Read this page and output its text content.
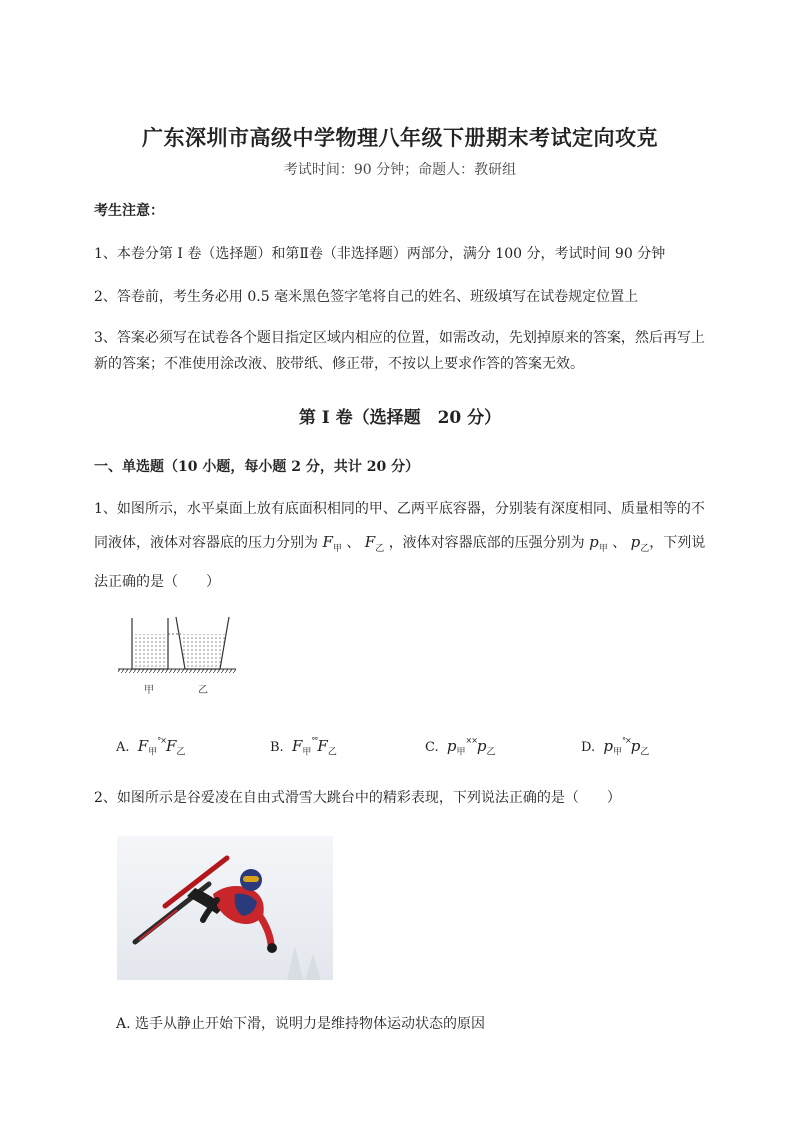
广东深圳市高级中学物理八年级下册期末考试定向攻克
考试时间：90 分钟；命题人：教研组
考生注意：
1、本卷分第 I 卷（选择题）和第Ⅱ卷（非选择题）两部分，满分 100 分，考试时间 90 分钟
2、答卷前，考生务必用 0.5 毫米黑色签字笔将自己的姓名、班级填写在试卷规定位置上
3、答案必须写在试卷各个题目指定区域内相应的位置，如需改动，先划掉原来的答案，然后再写上新的答案；不准使用涂改液、胶带纸、修正带，不按以上要求作答的答案无效。
第 I 卷（选择题　20 分）
一、单选题（10 小题，每小题 2 分，共计 20 分）
1、如图所示，水平桌面上放有底面积相同的甲、乙两平底容器，分别装有深度相同、质量相等的不同液体，液体对容器底的压力分别为 $F_甲$ 、 $F_乙$ ，液体对容器底部的压强分别为 $p_甲$ 、 $p_乙$，下列说法正确的是（　　）
甲	乙
A. $F_甲^{^\circ\times}F_乙$	B. $F_甲^{^\circ^\circ}F_乙$	C. $p_甲^{\times\times}p_乙$	D. $p_甲^{^\circ\times}p_乙$
2、如图所示是谷爱凌在自由式滑雪大跳台中的精彩表现，下列说法正确的是（　　）
A. 选手从静止开始下滑，说明力是维持物体运动状态的原因
